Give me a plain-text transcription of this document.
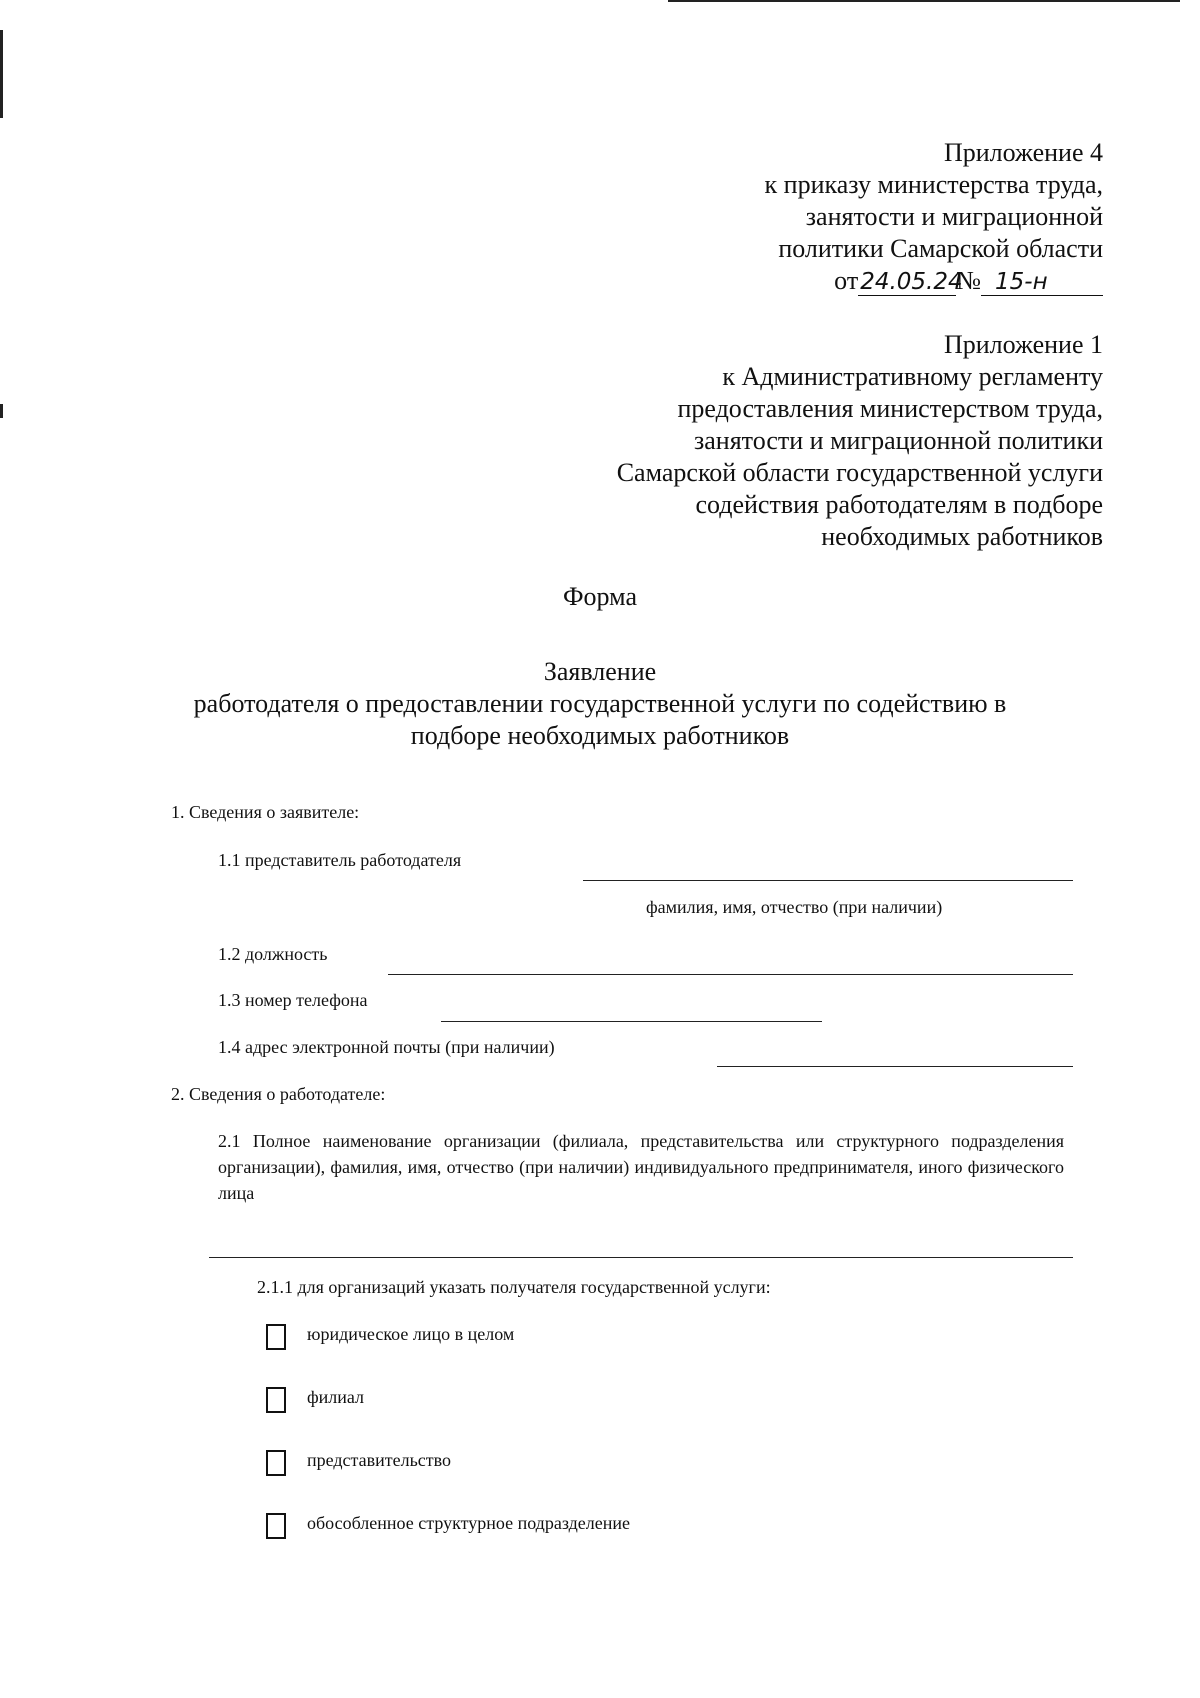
Приложение 4
к приказу министерства труда,
занятости и миграционной
политики Самарской области
от24.05.24№ 15-н
Приложение 1
к Административному регламенту
предоставления министерством труда,
занятости и миграционной политики
Самарской области государственной услуги
содействия работодателям в подборе
необходимых работников
Форма
Заявление
работодателя о предоставлении государственной услуги по содействию в
подборе необходимых работников
1. Сведения о заявителе:
1.1 представитель работодателя
фамилия, имя, отчество (при наличии)
1.2 должность
1.3 номер телефона
1.4 адрес электронной почты (при наличии)
2. Сведения о работодателе:
2.1 Полное наименование организации (филиала, представительства или структурного подразделения организации), фамилия, имя, отчество (при наличии) индивидуального предпринимателя, иного физического лица
2.1.1 для организаций указать получателя государственной услуги:
юридическое лицо в целом
филиал
представительство
обособленное структурное подразделение
